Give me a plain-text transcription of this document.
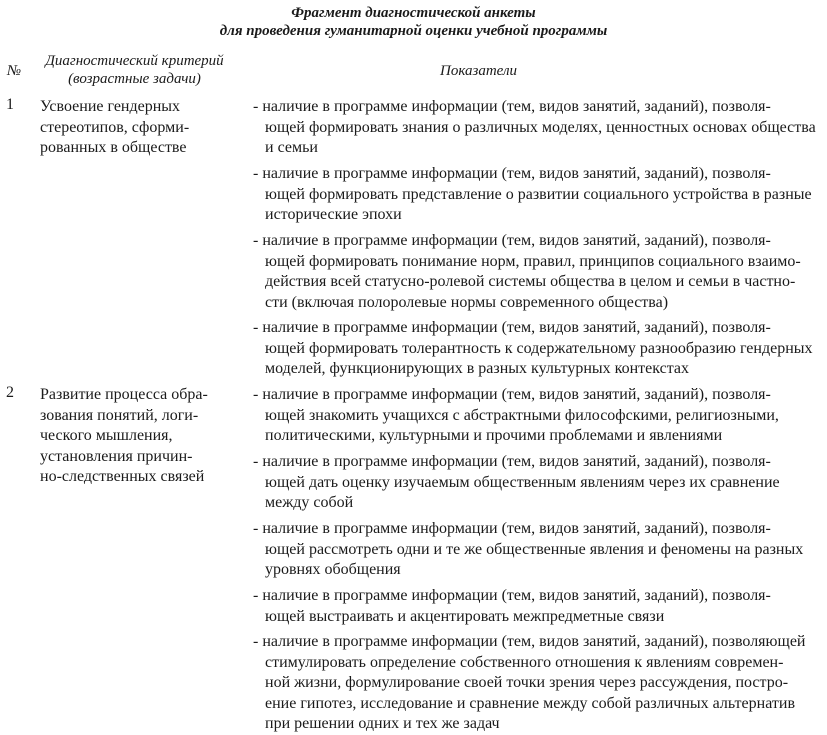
Фрагмент диагностической анкеты
для проведения гуманитарной оценки учебной программы
№
Диагностический критерий
(возрастные задачи)	Показатели
1 Усвоение гендерных
стереотипов, сформи-
рованных в обществе
- наличие в программе информации (тем, видов занятий, заданий), позволя-
ющей формировать знания о различных моделях, ценностных основах общества
и семьи
- наличие в программе информации (тем, видов занятий, заданий), позволя-
ющей формировать представление о развитии социального устройства в разные
исторические эпохи
- наличие в программе информации (тем, видов занятий, заданий), позволя-
ющей формировать понимание норм, правил, принципов социального взаимо-
действия всей статусно-ролевой системы общества в целом и семьи в частно-
сти (включая полоролевые нормы современного общества)
- наличие в программе информации (тем, видов занятий, заданий), позволя-
ющей формировать толерантность к содержательному разнообразию гендерных
моделей, функционирующих в разных культурных контекстах
2 Развитие процесса обра-
зования понятий, логи-
ческого мышления,
установления причин-
но-следственных связей
- наличие в программе информации (тем, видов занятий, заданий), позволя-
ющей знакомить учащихся с абстрактными философскими, религиозными,
политическими, культурными и прочими проблемами и явлениями
- наличие в программе информации (тем, видов занятий, заданий), позволя-
ющей дать оценку изучаемым общественным явлениям через их сравнение
между собой
- наличие в программе информации (тем, видов занятий, заданий), позволя-
ющей рассмотреть одни и те же общественные явления и феномены на разных
уровнях обобщения
- наличие в программе информации (тем, видов занятий, заданий), позволя-
ющей выстраивать и акцентировать межпредметные связи
- наличие в программе информации (тем, видов занятий, заданий), позволяющей
стимулировать определение собственного отношения к явлениям современ-
ной жизни, формулирование своей точки зрения через рассуждения, постро-
ение гипотез, исследование и сравнение между собой различных альтернатив
при решении одних и тех же задач
